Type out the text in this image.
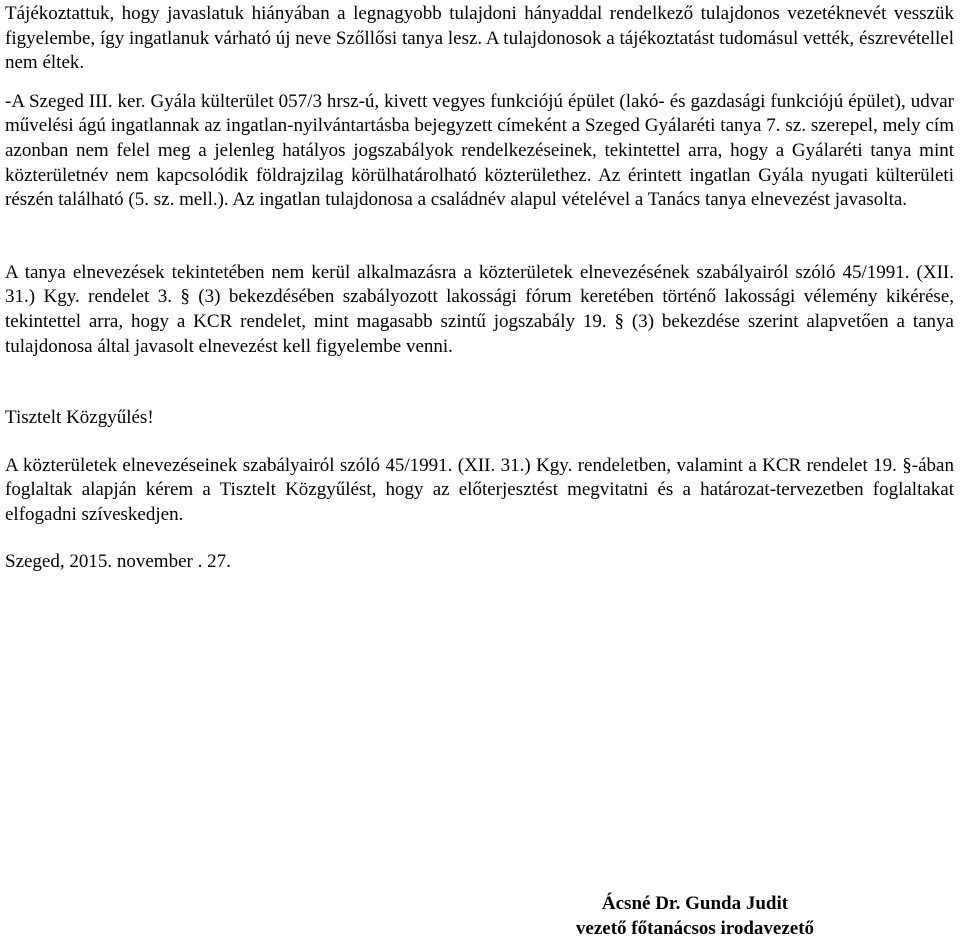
Tájékoztattuk, hogy javaslatuk hiányában a legnagyobb tulajdoni hányaddal rendelkező tulajdonos vezetéknevét vesszük figyelembe, így ingatlanuk várható új neve Szőllősi tanya lesz. A tulajdonosok a tájékoztatást tudomásul vették, észrevétellel nem éltek.

-A Szeged III. ker. Gyála külterület 057/3 hrsz-ú, kivett vegyes funkciójú épület (lakó- és gazdasági funkciójú épület), udvar művelési ágú ingatlannak az ingatlan-nyilvántartásba bejegyzett címeként a Szeged Gyálaréti tanya 7. sz. szerepel, mely cím azonban nem felel meg a jelenleg hatályos jogszabályok rendelkezéseinek, tekintettel arra, hogy a Gyálaréti tanya mint közterületnév nem kapcsolódik földrajzilag körülhatárolható közterülethez. Az érintett ingatlan Gyála nyugati külterületi részén található (5. sz. mell.). Az ingatlan tulajdonosa a családnév alapul vételével a Tanács tanya elnevezést javasolta.

A tanya elnevezések tekintetében nem kerül alkalmazásra a közterületek elnevezésének szabályairól szóló 45/1991. (XII. 31.) Kgy. rendelet 3. § (3) bekezdésében szabályozott lakossági fórum keretében történő lakossági vélemény kikérése, tekintettel arra, hogy a KCR rendelet, mint magasabb szintű jogszabály 19. § (3) bekezdése szerint alapvetően a tanya tulajdonosa által javasolt elnevezést kell figyelembe venni.

Tisztelt Közgyűlés!

A közterületek elnevezéseinek szabályairól szóló 45/1991. (XII. 31.) Kgy. rendeletben, valamint a KCR rendelet 19. §-ában foglaltak alapján kérem a Tisztelt Közgyűlést, hogy az előterjesztést megvitatni és a határozat-tervezetben foglaltakat elfogadni szíveskedjen.

Szeged, 2015. november . 27.

Ácsné Dr. Gunda Judit
vezető főtanácsos irodavezető
